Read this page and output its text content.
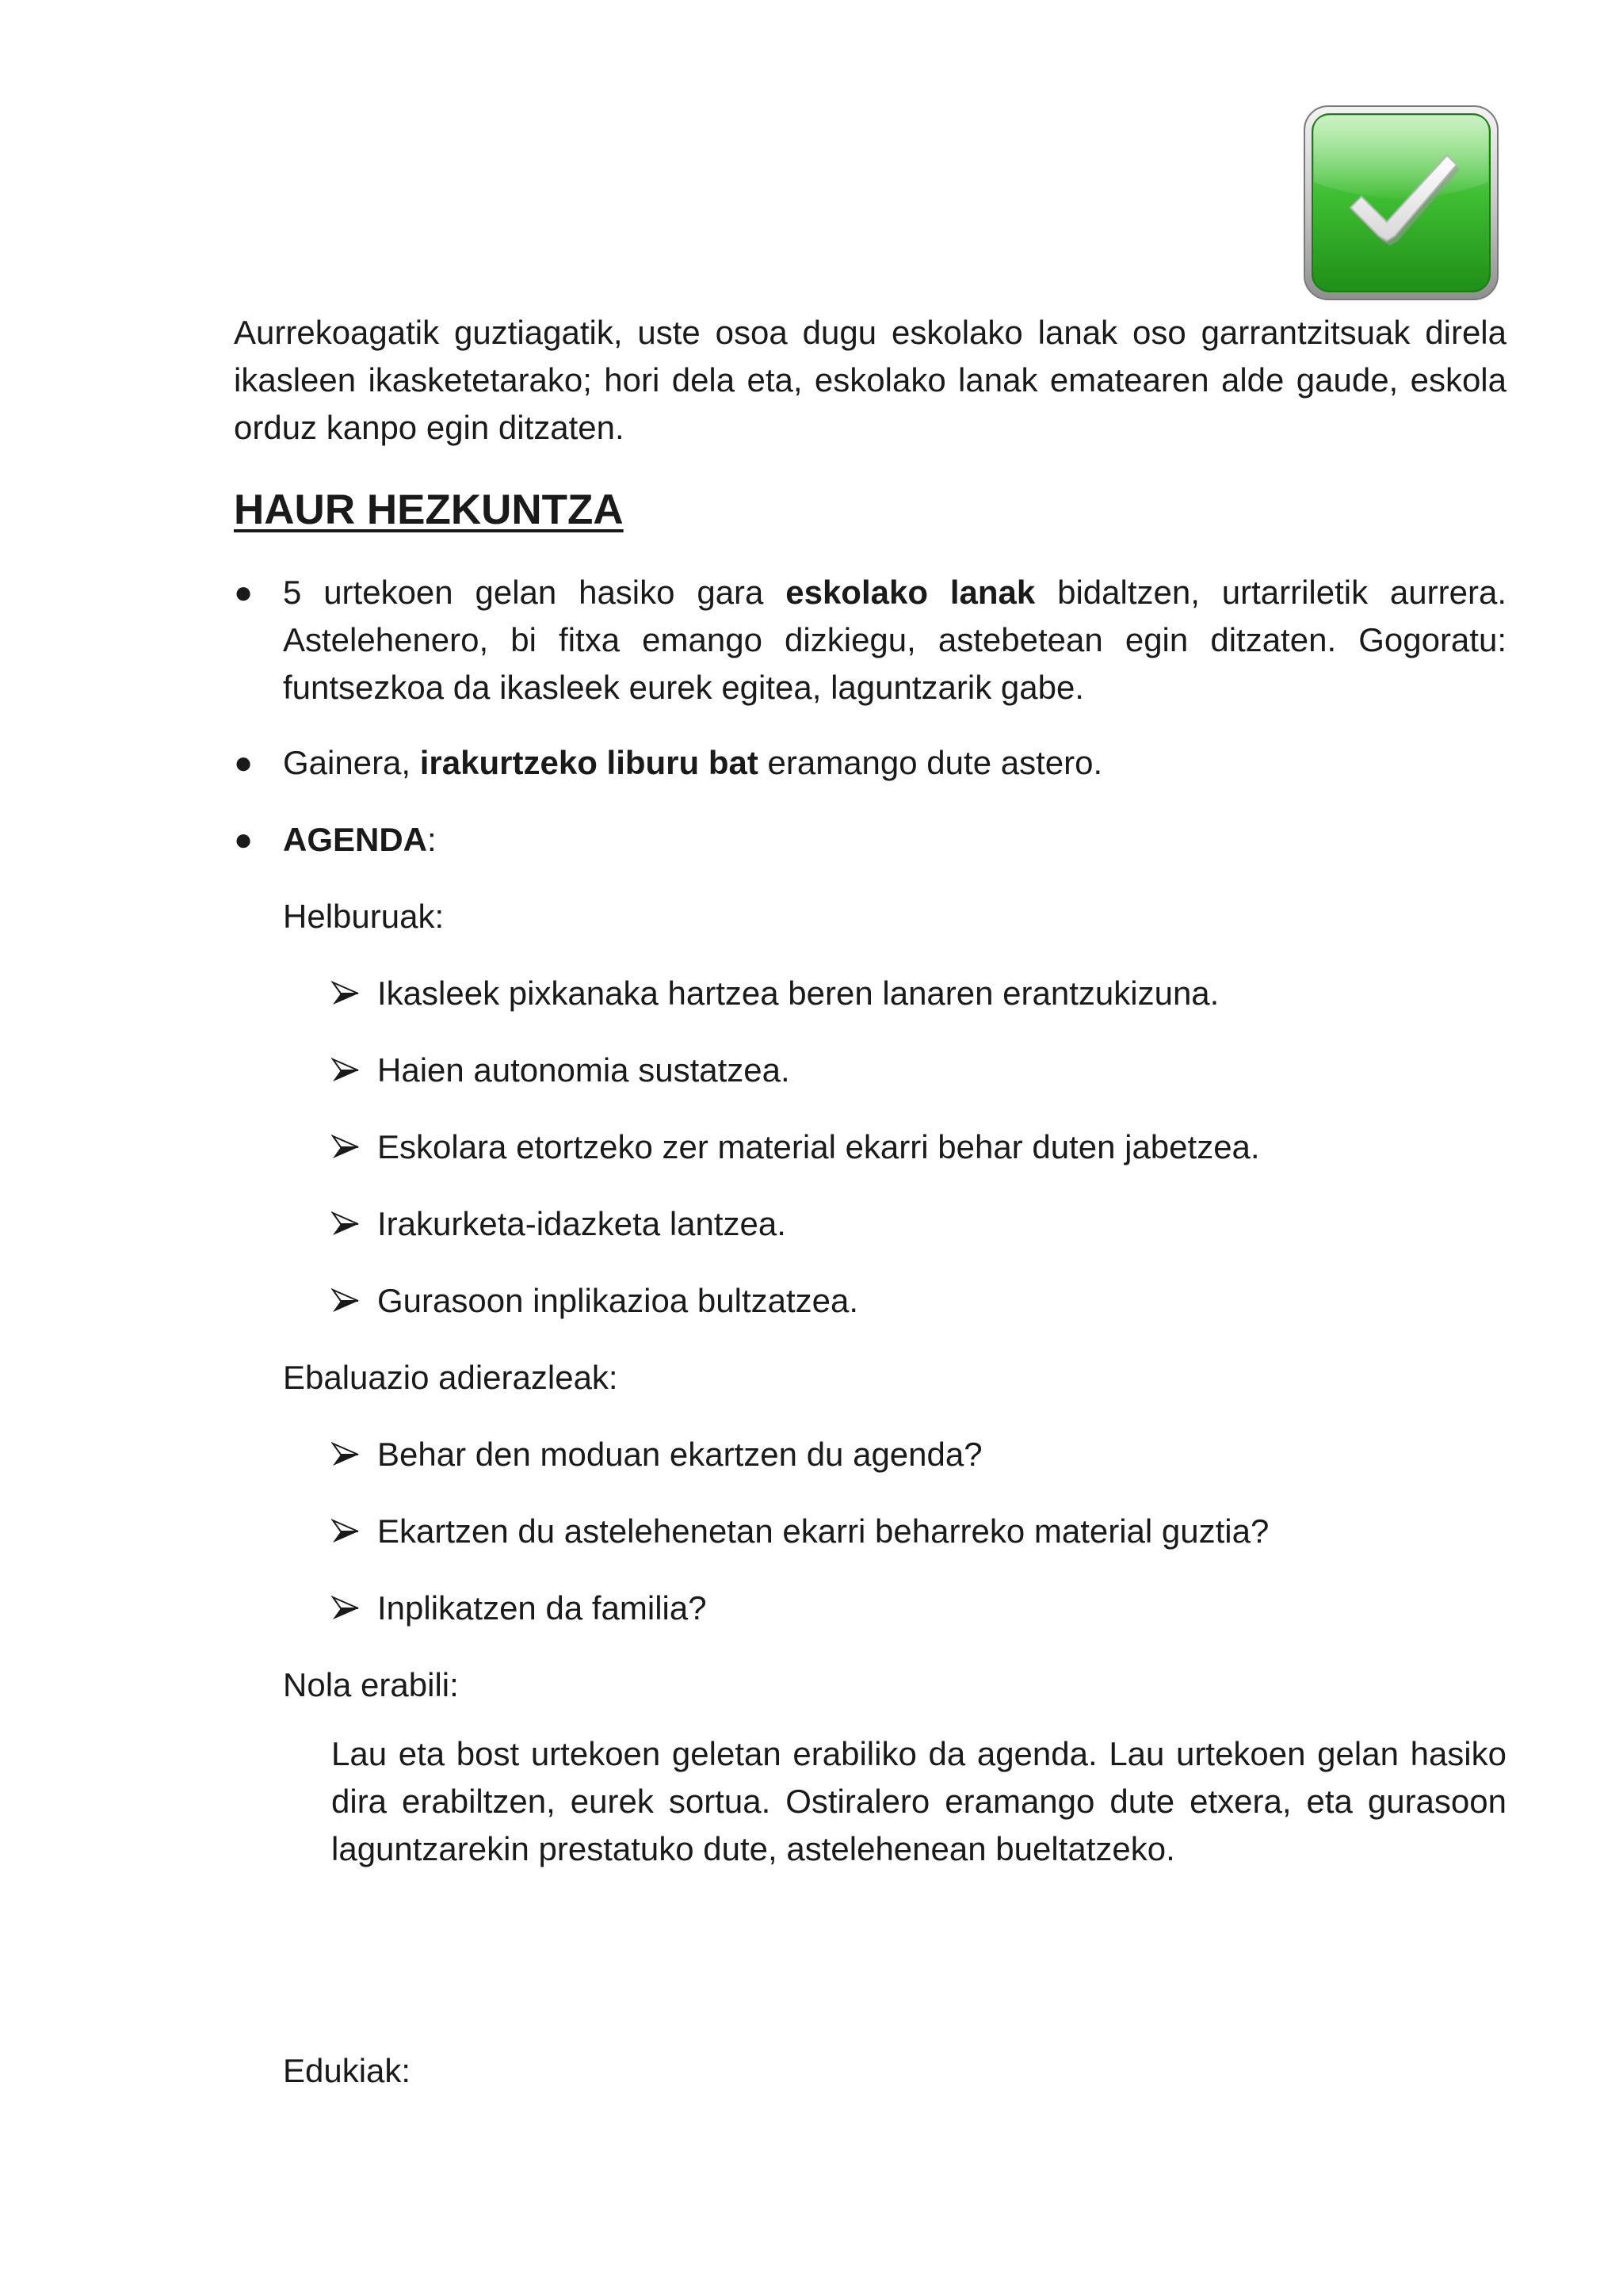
Aurrekoagatik guztiagatik, uste osoa dugu eskolako lanak oso garrantzitsuak direla ikasleen ikasketetarako; hori dela eta, eskolako lanak ematearen alde gaude, eskola orduz kanpo egin ditzaten.

HAUR HEZKUNTZA
● 5 urtekoen gelan hasiko gara eskolako lanak bidaltzen, urtarriletik aurrera. Astelehenero, bi fitxa emango dizkiegu, astebetean egin ditzaten. Gogoratu: funtsezkoa da ikasleek eurek egitea, laguntzarik gabe.
● Gainera, irakurtzeko liburu bat eramango dute astero.
● AGENDA:
Helburuak:
Ikasleek pixkanaka hartzea beren lanaren erantzukizuna.
Haien autonomia sustatzea.
Eskolara etortzeko zer material ekarri behar duten jabetzea.
Irakurketa-idazketa lantzea.
Gurasoon inplikazioa bultzatzea.
Ebaluazio adierazleak:
Behar den moduan ekartzen du agenda?
Ekartzen du astelehenetan ekarri beharreko material guztia?
Inplikatzen da familia?
Nola erabili:

Lau eta bost urtekoen geletan erabiliko da agenda. Lau urtekoen gelan hasiko dira erabiltzen, eurek sortua. Ostiralero eramango dute etxera, eta gurasoon laguntzarekin prestatuko dute, astelehenean bueltatzeko.

Edukiak:
